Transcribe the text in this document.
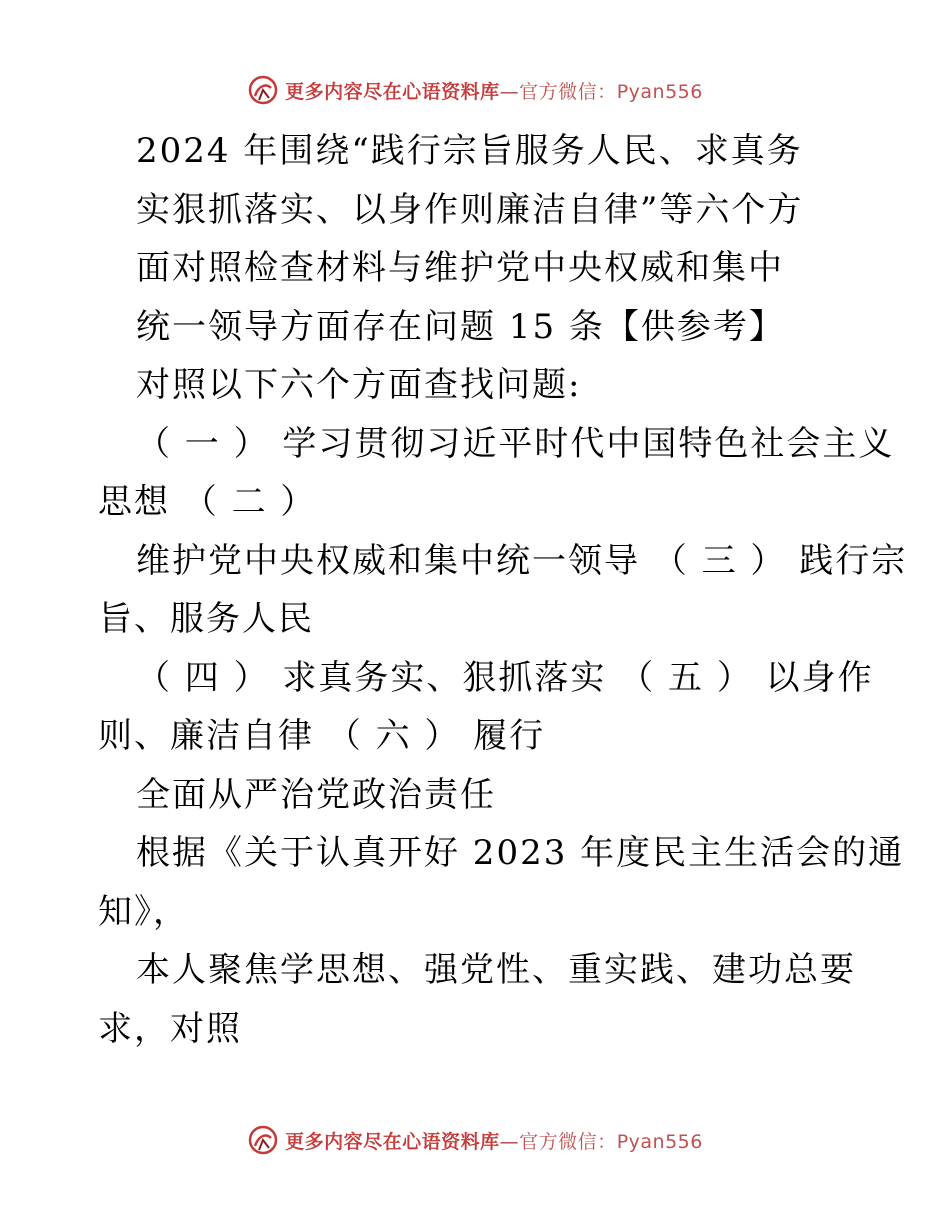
更多内容尽在心语资料库—官方微信：Pyan556
2024 年围绕“践行宗旨服务人民、求真务
实狠抓落实、以身作则廉洁自律”等六个方
面对照检查材料与维护党中央权威和集中
统一领导方面存在问题 15 条【供参考】
对照以下六个方面查找问题:
（ 一 ） 学习贯彻习近平时代中国特色社会主义
思想 （ 二 ）
维护党中央权威和集中统一领导 （ 三 ） 践行宗
旨、服务人民
（ 四 ） 求真务实、狠抓落实 （ 五 ） 以身作
则、廉洁自律 （ 六 ） 履行
全面从严治党政治责任
根据《关于认真开好 2023 年度民主生活会的通
知》，
本人聚焦学思想、强党性、重实践、建功总要
求，对照
更多内容尽在心语资料库—官方微信：Pyan556
